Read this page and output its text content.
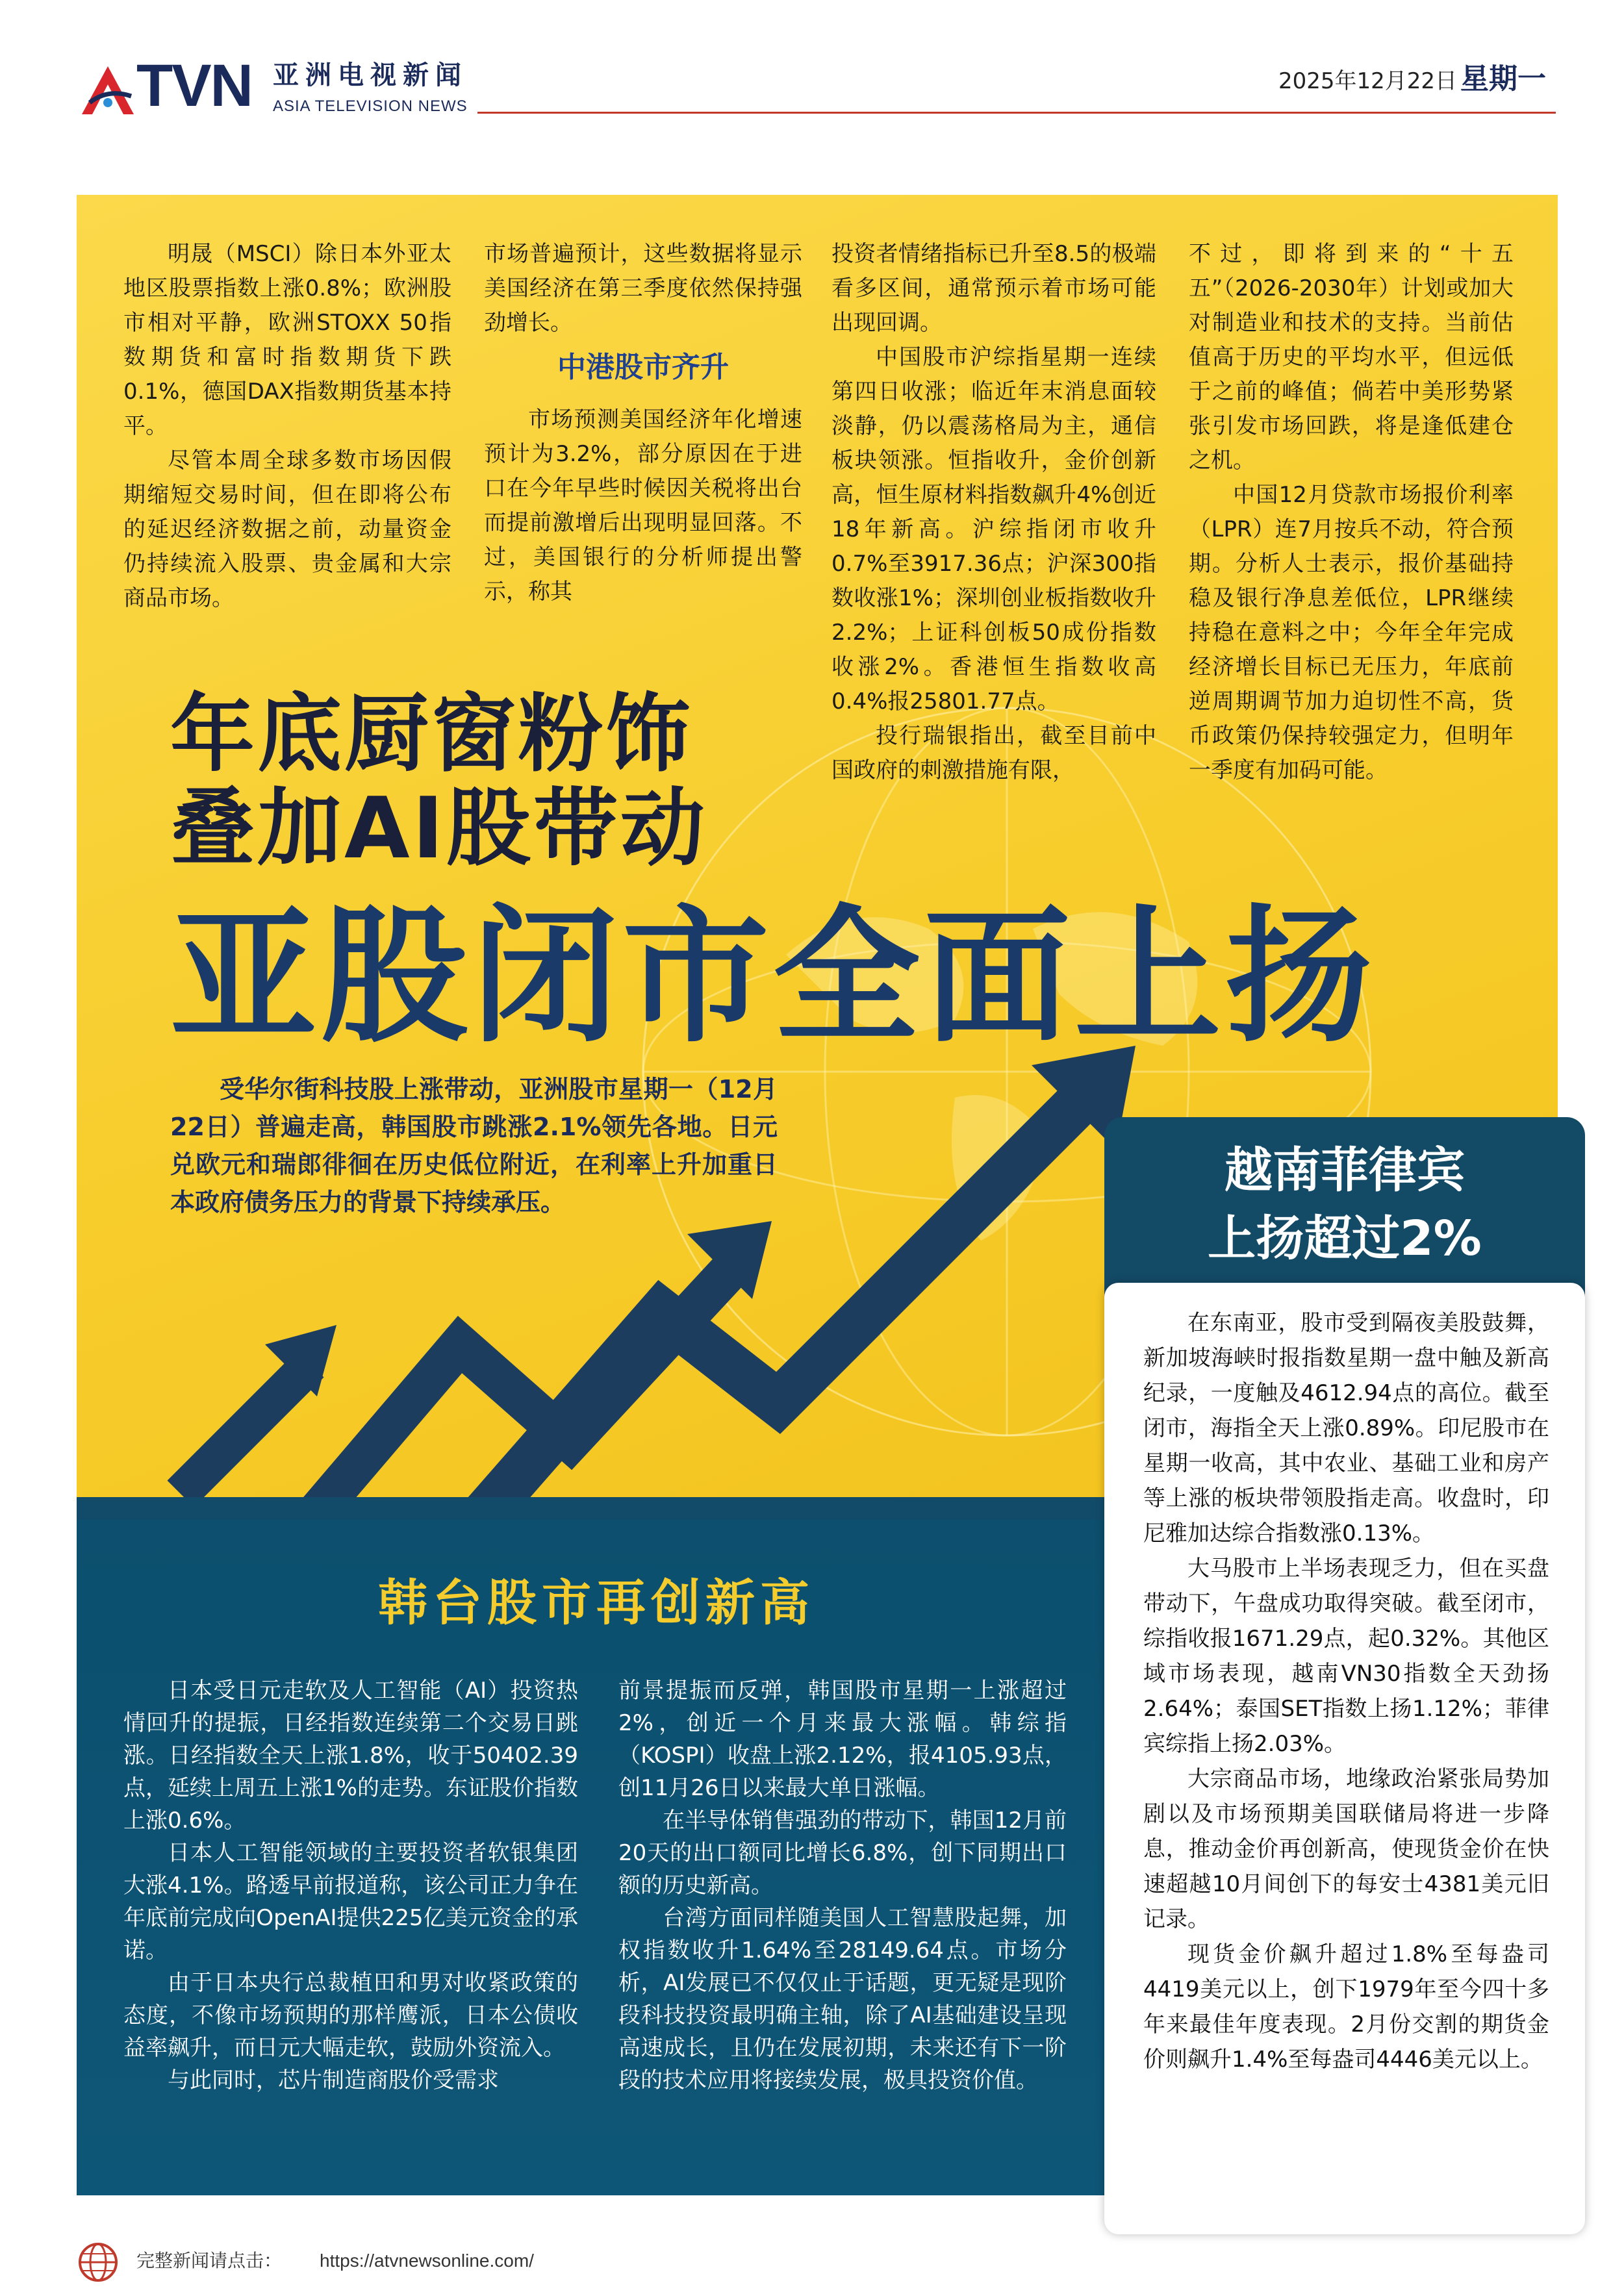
TVN 亚洲电视新闻
ASIA TELEVISION NEWS
2025年12月22日 星期一

明晟（MSCI）除日本外亚太地区股票指数上涨0.8%；欧洲股市相对平静，欧洲STOXX 50指数期货和富时指数期货下跌0.1%，德国DAX指数期货基本持平。

尽管本周全球多数市场因假期缩短交易时间，但在即将公布的延迟经济数据之前，动量资金仍持续流入股票、贵金属和大宗商品市场。

市场普遍预计，这些数据将显示美国经济在第三季度依然保持强劲增长。

中港股市齐升

市场预测美国经济年化增速预计为3.2%，部分原因在于进口在今年早些时候因关税将出台而提前激增后出现明显回落。不过，美国银行的分析师提出警示，称其

投资者情绪指标已升至8.5的极端看多区间，通常预示着市场可能出现回调。

中国股市沪综指星期一连续第四日收涨；临近年末消息面较淡静，仍以震荡格局为主，通信板块领涨。恒指收升，金价创新高，恒生原材料指数飙升4%创近18年新高。沪综指闭市收升0.7%至3917.36点；沪深300指数收涨1%；深圳创业板指数收升2.2%；上证科创板50成份指数收涨2%。香港恒生指数收高0.4%报25801.77点。

投行瑞银指出，截至目前中国政府的刺激措施有限，

不过，即将到来的“十五五”（2026-2030年）计划或加大对制造业和技术的支持。当前估值高于历史的平均水平，但远低于之前的峰值；倘若中美形势紧张引发市场回跌，将是逢低建仓之机。

中国12月贷款市场报价利率（LPR）连7月按兵不动，符合预期。分析人士表示，报价基础持稳及银行净息差低位，LPR继续持稳在意料之中；今年全年完成经济增长目标已无压力，年底前逆周期调节加力迫切性不高，货币政策仍保持较强定力，但明年一季度有加码可能。

年底厨窗粉饰
叠加AI股带动
亚股闭市全面上扬

受华尔街科技股上涨带动，亚洲股市星期一（12月22日）普遍走高，韩国股市跳涨2.1%领先各地。日元兑欧元和瑞郎徘徊在历史低位附近，在利率上升加重日本政府债务压力的背景下持续承压。

韩台股市再创新高

日本受日元走软及人工智能（AI）投资热情回升的提振，日经指数连续第二个交易日跳涨。日经指数全天上涨1.8%，收于50402.39点，延续上周五上涨1%的走势。东证股价指数上涨0.6%。

日本人工智能领域的主要投资者软银集团大涨4.1%。路透早前报道称，该公司正力争在年底前完成向OpenAI提供225亿美元资金的承诺。

由于日本央行总裁植田和男对收紧政策的态度，不像市场预期的那样鹰派，日本公债收益率飙升，而日元大幅走软，鼓励外资流入。

与此同时，芯片制造商股价受需求

前景提振而反弹，韩国股市星期一上涨超过2%，创近一个月来最大涨幅。韩综指（KOSPI）收盘上涨2.12%，报4105.93点，创11月26日以来最大单日涨幅。

在半导体销售强劲的带动下，韩国12月前20天的出口额同比增长6.8%，创下同期出口额的历史新高。

台湾方面同样随美国人工智慧股起舞，加权指数收升1.64%至28149.64点。市场分析，AI发展已不仅仅止于话题，更无疑是现阶段科技投资最明确主轴，除了AI基础建设呈现高速成长，且仍在发展初期，未来还有下一阶段的技术应用将接续发展，极具投资价值。

越南菲律宾
上扬超过2%

在东南亚，股市受到隔夜美股鼓舞，新加坡海峡时报指数星期一盘中触及新高纪录，一度触及4612.94点的高位。截至闭市，海指全天上涨0.89%。印尼股市在星期一收高，其中农业、基础工业和房产等上涨的板块带领股指走高。收盘时，印尼雅加达综合指数涨0.13%。

大马股市上半场表现乏力，但在买盘带动下，午盘成功取得突破。截至闭市，综指收报1671.29点，起0.32%。其他区域市场表现，越南VN30指数全天劲扬2.64%；泰国SET指数上扬1.12%；菲律宾综指上扬2.03%。

大宗商品市场，地缘政治紧张局势加剧以及市场预期美国联储局将进一步降息，推动金价再创新高，使现货金价在快速超越10月间创下的每安士4381美元旧记录。

现货金价飙升超过1.8%至每盎司4419美元以上，创下1979年至今四十多年来最佳年度表现。2月份交割的期货金价则飙升1.4%至每盎司4446美元以上。

完整新闻请点击： https://atvnewsonline.com/
